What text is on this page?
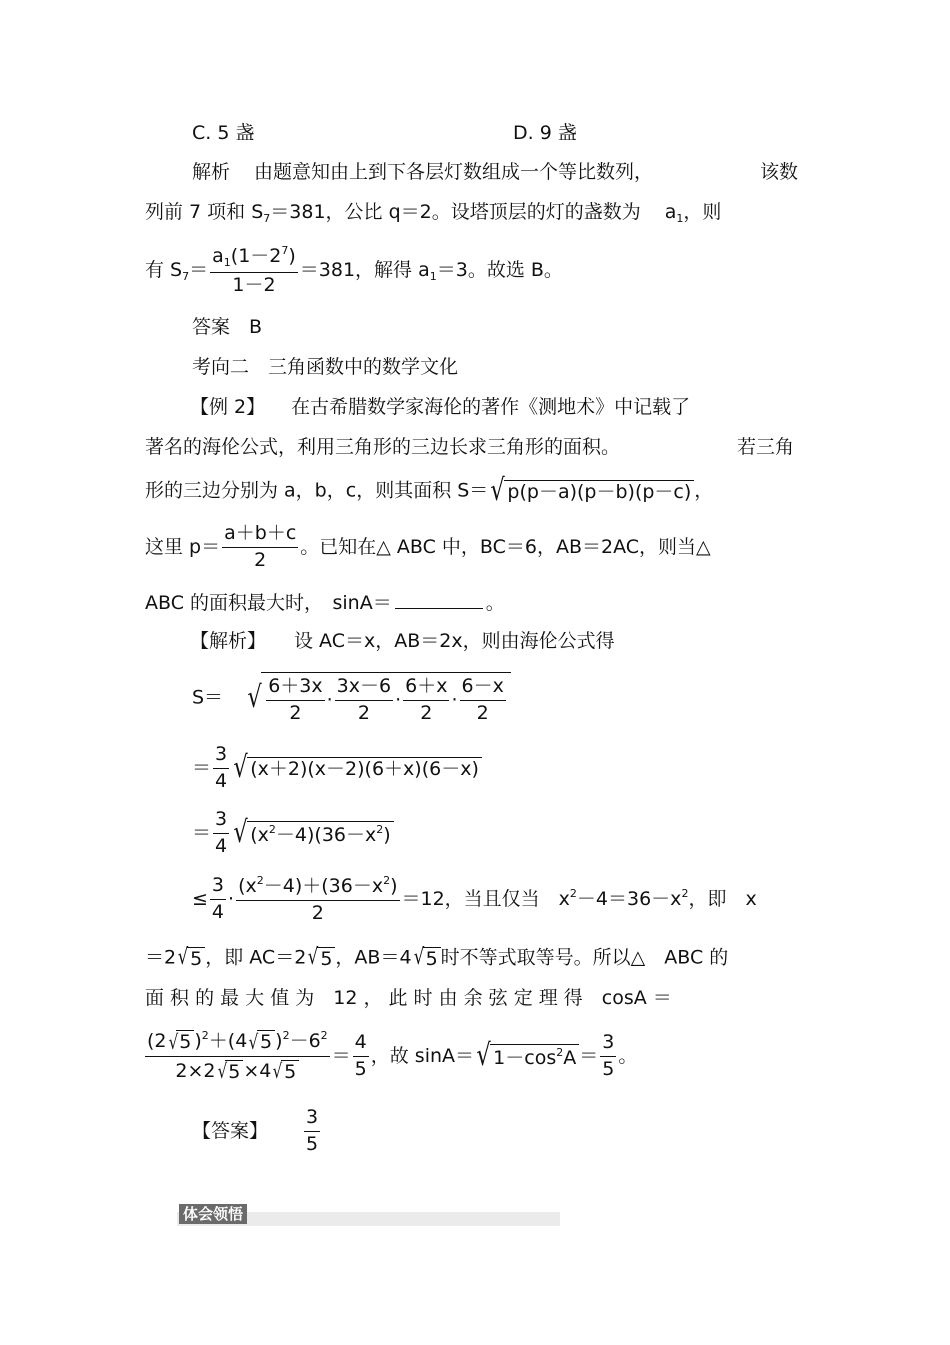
C. 5 盏	D. 9 盏
解析 由题意知由上到下各层灯数组成一个等比数列，	该数
列前 7 项和 $S_7=381$，公比 q＝2。设塔顶层的灯的盏数为 $a_1$，则
有 $S_7= \frac{a_1(1-2^7)}{1-2} =381$，解得 $a_1=3$。故选 B。
答案　B
考向二　三角函数中的数学文化
【例 2】 在古希腊数学家海伦的著作《测地术》中记载了
著名的海伦公式，利用三角形的三边长求三角形的面积。	若三角
形的三边分别为 a，b，c，则其面积 S＝√ p(p－a)(p－b)(p－c) ，
这里 $p= \frac{a+b+c}{2}$ 。已知在△ ABC 中，BC＝6，AB＝2AC，则当△
ABC 的面积最大时，　sinA＝	。
【解析】 设 AC＝x，AB＝2x，则由海伦公式得
S＝ √ $\frac{6+3x}{2} \cdot \frac{3x-6}{2} \cdot \frac{6+x}{2} \cdot \frac{6-x}{2}$
＝ $\frac{3}{4}$ √ (x＋2)(x－2)(6＋x)(6－x)
＝ $\frac{3}{4}$ √ $(x^2-4)(36-x^2)$
≤ $\frac{3}{4} \cdot \frac{(x^2-4)+(36-x^2)}{2} =12$，当且仅当　$x^2-4=36-x^2$，即　x
＝2√5 ，即 AC＝2√5 ，AB＝4√5 时不等式取等号。所以△　ABC 的
面 积 的 最 大 值 为　12 ， 此 时 由 余 弦 定 理 得　cosA ＝
$\frac{(2√5 )^2+(4√5 )^2-6^2}{2\times 2√5 \times 4√5} = \frac{4}{5}$ ，故 sinA＝√ $1-\cos^2A = \frac{3}{5}$ 。
【答案】 $\frac{3}{5}$
体会领悟
